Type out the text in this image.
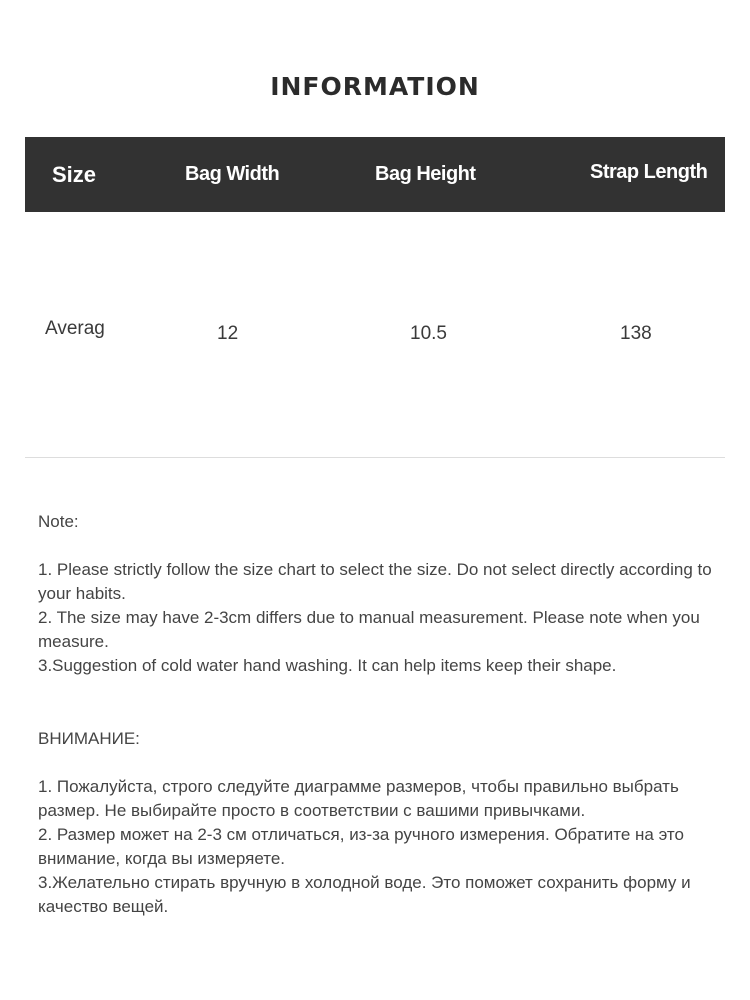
INFORMATION
Size	Bag Width	Bag Height	Strap Length
Averag	12	10.5	138

Note:

1. Please strictly follow the size chart to select the size. Do not select directly according to your habits.

2. The size may have 2-3cm differs due to manual measurement. Please note when you measure.

3.Suggestion of cold water hand washing. It can help items keep their shape.

ВНИМАНИЕ:

1. Пожалуйста, строго следуйте диаграмме размеров, чтобы правильно выбрать размер. Не выбирайте просто в соответствии с вашими привычками.

2. Размер может на 2-3 см отличаться, из-за ручного измерения. Обратите на это внимание, когда вы измеряете.

3.Желательно стирать вручную в холодной воде. Это поможет сохранить форму и качество вещей.
